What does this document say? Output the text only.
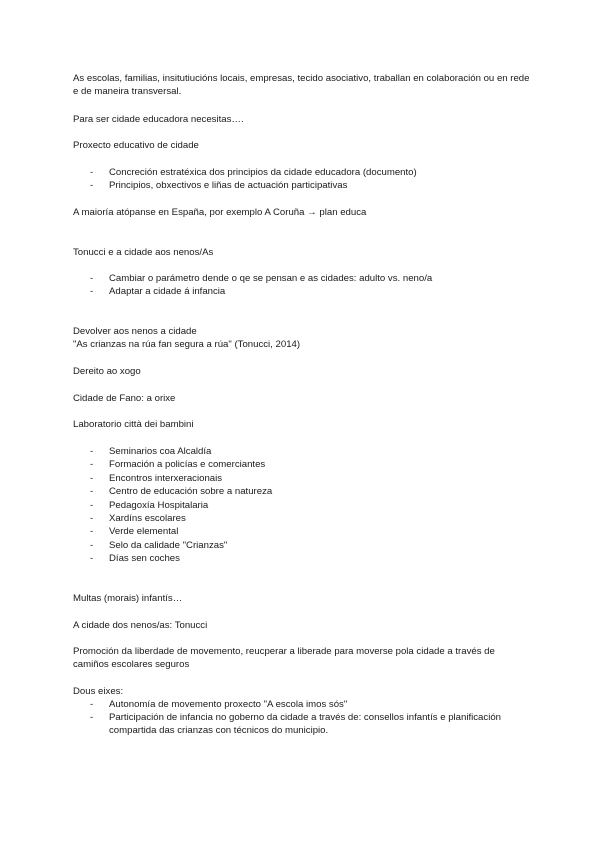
As escolas, familias, insitutiucións locais, empresas, tecido asociativo, traballan en colaboración ou en rede e de maneira transversal.

Para ser cidade educadora necesitas….

Proxecto educativo de cidade

- Concreción estratéxica dos principios da cidade educadora (documento)
- Principios, obxectivos e liñas de actuación participativas

A maioría atópanse en España, por exemplo A Coruña → plan educa

Tonucci e a cidade aos nenos/As

- Cambiar o parámetro dende o qe se pensan e as cidades: adulto vs. neno/a
- Adaptar a cidade á infancia

Devolver aos nenos a cidade

"As crianzas na rúa fan segura a rúa" (Tonucci, 2014)

Dereito ao xogo

Cidade de Fano: a orixe

Laboratorio città dei bambini

- Seminarios coa Alcaldía
- Formación a policías e comerciantes
- Encontros interxeracionais
- Centro de educación sobre a natureza
- Pedagoxía Hospitalaria
- Xardíns escolares
- Verde elemental
- Selo da calidade "Crianzas"
- Días sen coches

Multas (morais) infantís…

A cidade dos nenos/as: Tonucci

Promoción da liberdade de movemento, reucperar a liberade para moverse pola cidade a través de camiños escolares seguros

Dous eixes:

- Autonomía de movemento proxecto "A escola imos sós"
- Participación de infancia no goberno da cidade a través de: consellos infantís e planificación compartida das crianzas con técnicos do municipio.
